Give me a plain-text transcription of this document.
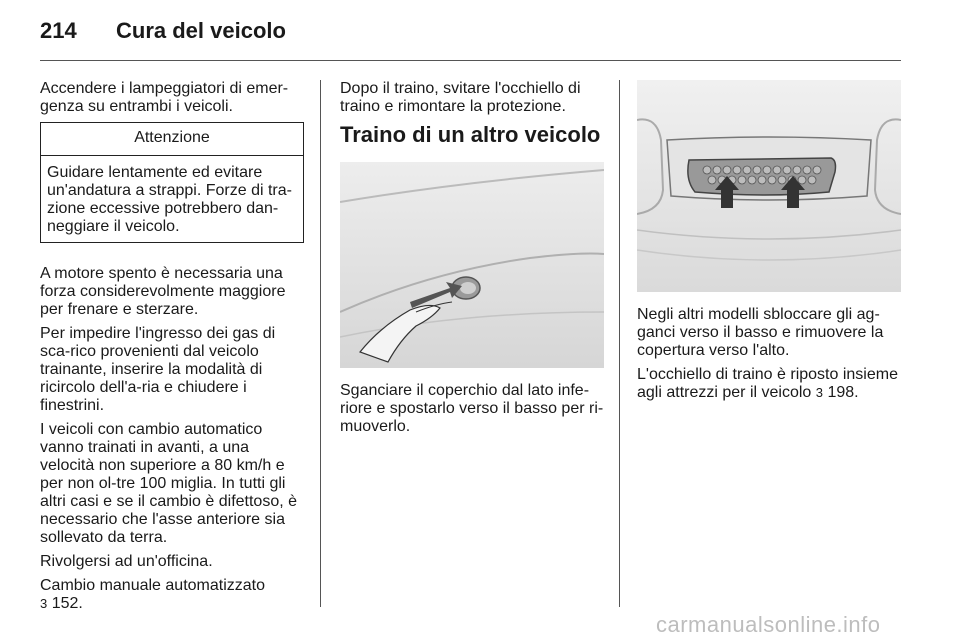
214 Cura del veicolo

Accendere i lampeggiatori di emer-genza su entrambi i veicoli.

Attenzione
Guidare lentamente ed evitare un'andatura a strappi. Forze di tra-zione eccessive potrebbero dan-neggiare il veicolo.

A motore spento è necessaria una forza considerevolmente maggiore per frenare e sterzare.

Per impedire l'ingresso dei gas di sca-rico provenienti dal veicolo trainante, inserire la modalità di ricircolo dell'a-ria e chiudere i finestrini.

I veicoli con cambio automatico vanno trainati in avanti, a una velocità non superiore a 80 km/h e per non ol-tre 100 miglia. In tutti gli altri casi e se il cambio è difettoso, è necessario che l'asse anteriore sia sollevato da terra.

Rivolgersi ad un'officina.

Cambio manuale automatizzato
3 152.

Dopo il traino, svitare l'occhiello di traino e rimontare la protezione.

Traino di un altro veicolo

Sganciare il coperchio dal lato infe-riore e spostarlo verso il basso per ri-muoverlo.

Negli altri modelli sbloccare gli ag-ganci verso il basso e rimuovere la copertura verso l'alto.

L'occhiello di traino è riposto insieme agli attrezzi per il veicolo 3 198.

carmanualsonline.info
